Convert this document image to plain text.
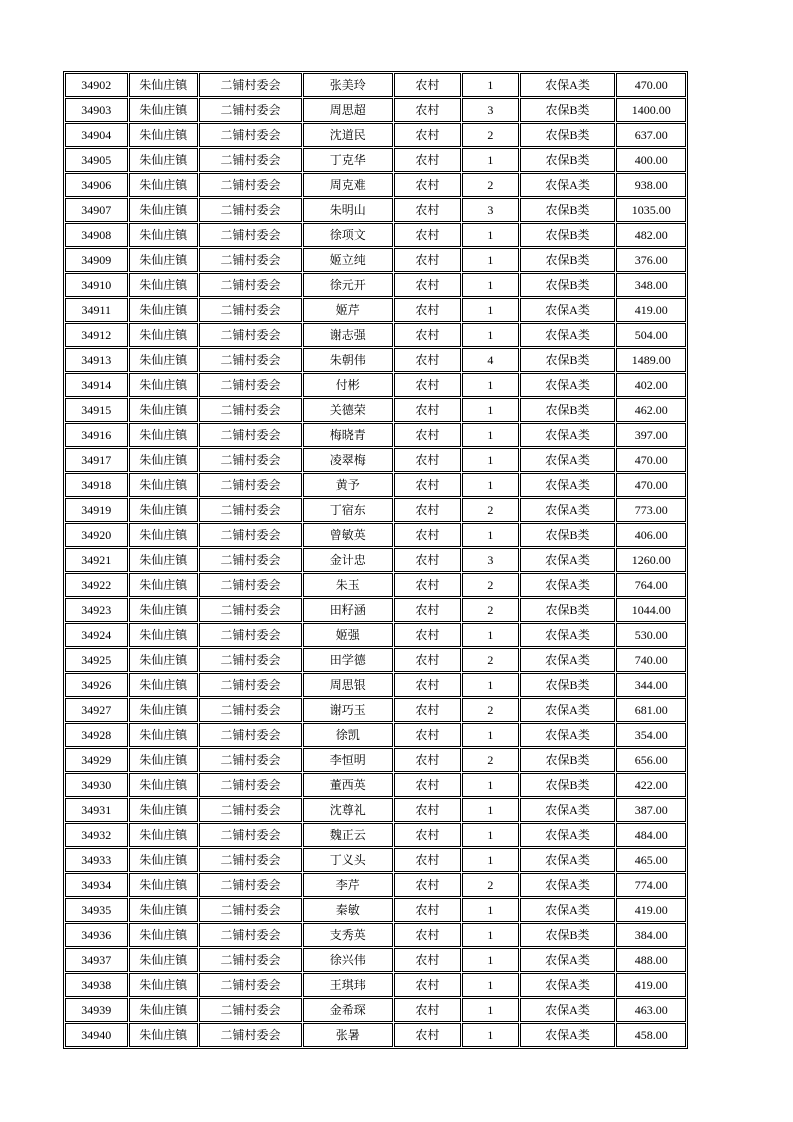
34902	朱仙庄镇	二铺村委会	张美玲	农村	1	农保A类	470.00
34903	朱仙庄镇	二铺村委会	周思超	农村	3	农保B类	1400.00
34904	朱仙庄镇	二铺村委会	沈道民	农村	2	农保B类	637.00
34905	朱仙庄镇	二铺村委会	丁克华	农村	1	农保B类	400.00
34906	朱仙庄镇	二铺村委会	周克难	农村	2	农保A类	938.00
34907	朱仙庄镇	二铺村委会	朱明山	农村	3	农保B类	1035.00
34908	朱仙庄镇	二铺村委会	徐项文	农村	1	农保B类	482.00
34909	朱仙庄镇	二铺村委会	姬立纯	农村	1	农保B类	376.00
34910	朱仙庄镇	二铺村委会	徐元开	农村	1	农保B类	348.00
34911	朱仙庄镇	二铺村委会	姬芹	农村	1	农保A类	419.00
34912	朱仙庄镇	二铺村委会	谢志强	农村	1	农保A类	504.00
34913	朱仙庄镇	二铺村委会	朱朝伟	农村	4	农保B类	1489.00
34914	朱仙庄镇	二铺村委会	付彬	农村	1	农保A类	402.00
34915	朱仙庄镇	二铺村委会	关德荣	农村	1	农保B类	462.00
34916	朱仙庄镇	二铺村委会	梅晓青	农村	1	农保A类	397.00
34917	朱仙庄镇	二铺村委会	凌翠梅	农村	1	农保A类	470.00
34918	朱仙庄镇	二铺村委会	黄予	农村	1	农保A类	470.00
34919	朱仙庄镇	二铺村委会	丁宿东	农村	2	农保A类	773.00
34920	朱仙庄镇	二铺村委会	曾敏英	农村	1	农保B类	406.00
34921	朱仙庄镇	二铺村委会	金计忠	农村	3	农保A类	1260.00
34922	朱仙庄镇	二铺村委会	朱玉	农村	2	农保A类	764.00
34923	朱仙庄镇	二铺村委会	田籽涵	农村	2	农保B类	1044.00
34924	朱仙庄镇	二铺村委会	姬强	农村	1	农保A类	530.00
34925	朱仙庄镇	二铺村委会	田学德	农村	2	农保A类	740.00
34926	朱仙庄镇	二铺村委会	周思银	农村	1	农保B类	344.00
34927	朱仙庄镇	二铺村委会	谢巧玉	农村	2	农保A类	681.00
34928	朱仙庄镇	二铺村委会	徐凯	农村	1	农保A类	354.00
34929	朱仙庄镇	二铺村委会	李恒明	农村	2	农保B类	656.00
34930	朱仙庄镇	二铺村委会	董西英	农村	1	农保B类	422.00
34931	朱仙庄镇	二铺村委会	沈尊礼	农村	1	农保A类	387.00
34932	朱仙庄镇	二铺村委会	魏正云	农村	1	农保A类	484.00
34933	朱仙庄镇	二铺村委会	丁义头	农村	1	农保A类	465.00
34934	朱仙庄镇	二铺村委会	李芹	农村	2	农保A类	774.00
34935	朱仙庄镇	二铺村委会	秦敏	农村	1	农保A类	419.00
34936	朱仙庄镇	二铺村委会	支秀英	农村	1	农保B类	384.00
34937	朱仙庄镇	二铺村委会	徐兴伟	农村	1	农保A类	488.00
34938	朱仙庄镇	二铺村委会	王琪玮	农村	1	农保A类	419.00
34939	朱仙庄镇	二铺村委会	金希琛	农村	1	农保A类	463.00
34940	朱仙庄镇	二铺村委会	张暑	农村	1	农保A类	458.00
